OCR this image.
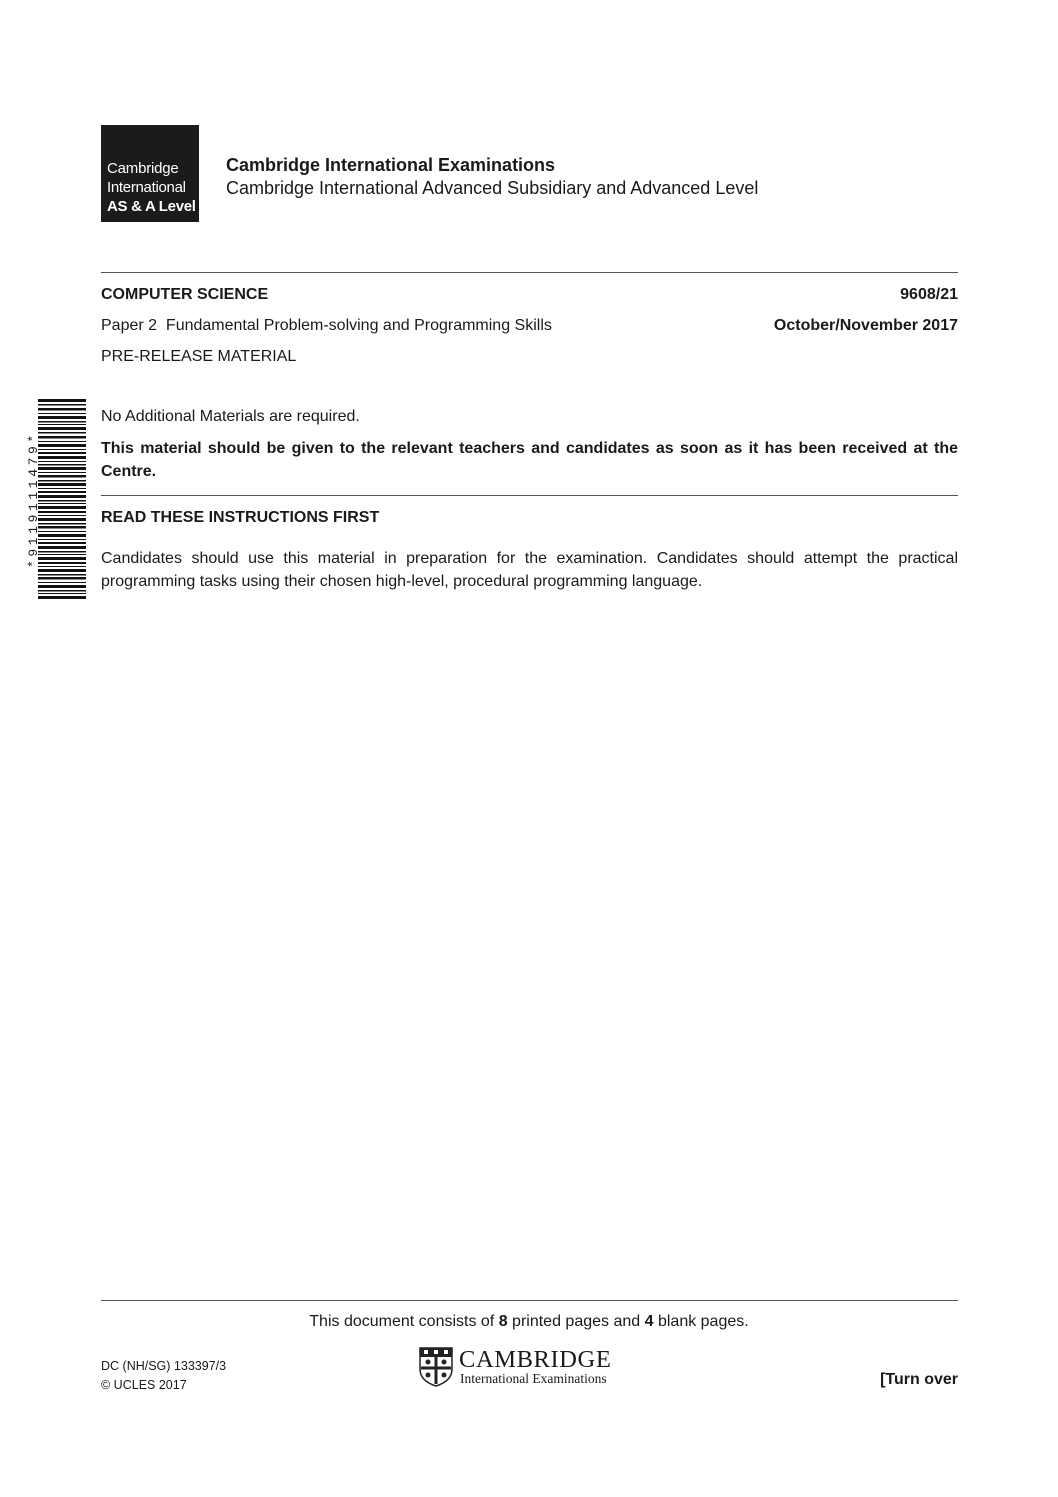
Cambridge
International
AS & A Level
Cambridge International Examinations
Cambridge International Advanced Subsidiary and Advanced Level
COMPUTER SCIENCE	9608/21
Paper 2  Fundamental Problem-solving and Programming Skills	October/November 2017
PRE-RELEASE MATERIAL
*9119111479*
No Additional Materials are required.
This material should be given to the relevant teachers and candidates as soon as it has been received at the Centre.
READ THESE INSTRUCTIONS FIRST
Candidates should use this material in preparation for the examination. Candidates should attempt the practical programming tasks using their chosen high-level, procedural programming language.
This document consists of 8 printed pages and 4 blank pages.
DC (NH/SG) 133397/3
© UCLES 2017
CAMBRIDGE
International Examinations	[Turn over
